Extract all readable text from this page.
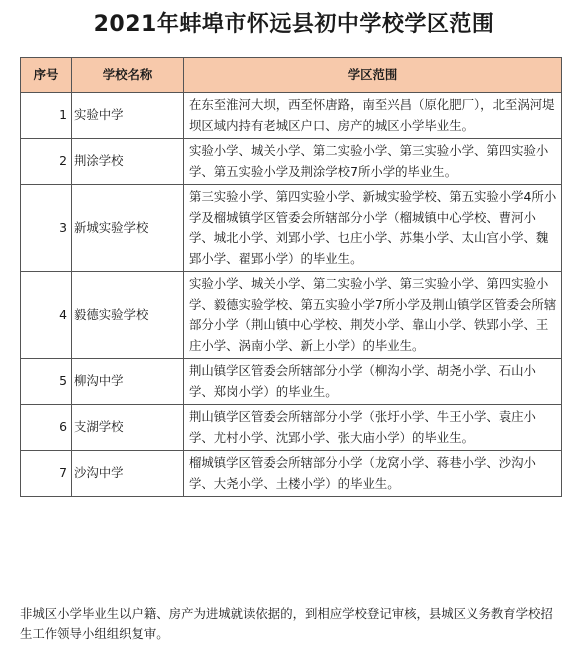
2021年蚌埠市怀远县初中学校学区范围
序号	学校名称	学区范围
1	实验中学	在东至淮河大坝，西至怀唐路，南至兴昌（原化肥厂），北至涡河堤坝区域内持有老城区户口、房产的城区小学毕业生。
2	荆涂学校	实验小学、城关小学、第二实验小学、第三实验小学、第四实验小学、第五实验小学及荆涂学校7所小学的毕业生。
3	新城实验学校	第三实验小学、第四实验小学、新城实验学校、第五实验小学4所小学及榴城镇学区管委会所辖部分小学（榴城镇中心学校、曹河小学、城北小学、刘郢小学、乜庄小学、苏集小学、太山宫小学、魏郢小学、翟郢小学）的毕业生。
4	毅德实验学校	实验小学、城关小学、第二实验小学、第三实验小学、第四实验小学、毅德实验学校、第五实验小学7所小学及荆山镇学区管委会所辖部分小学（荆山镇中心学校、荆芡小学、靠山小学、铁郢小学、王庄小学、涡南小学、新上小学）的毕业生。
5	柳沟中学	荆山镇学区管委会所辖部分小学（柳沟小学、胡尧小学、石山小学、郑岗小学）的毕业生。
6	支湖学校	荆山镇学区管委会所辖部分小学（张圩小学、牛王小学、袁庄小学、尤村小学、沈郢小学、张大庙小学）的毕业生。
7	沙沟中学	榴城镇学区管委会所辖部分小学（龙窝小学、蒋巷小学、沙沟小学、大尧小学、土楼小学）的毕业生。
非城区小学毕业生以户籍、房产为进城就读依据的，到相应学校登记审核，县城区义务教育学校招生工作领导小组组织复审。
